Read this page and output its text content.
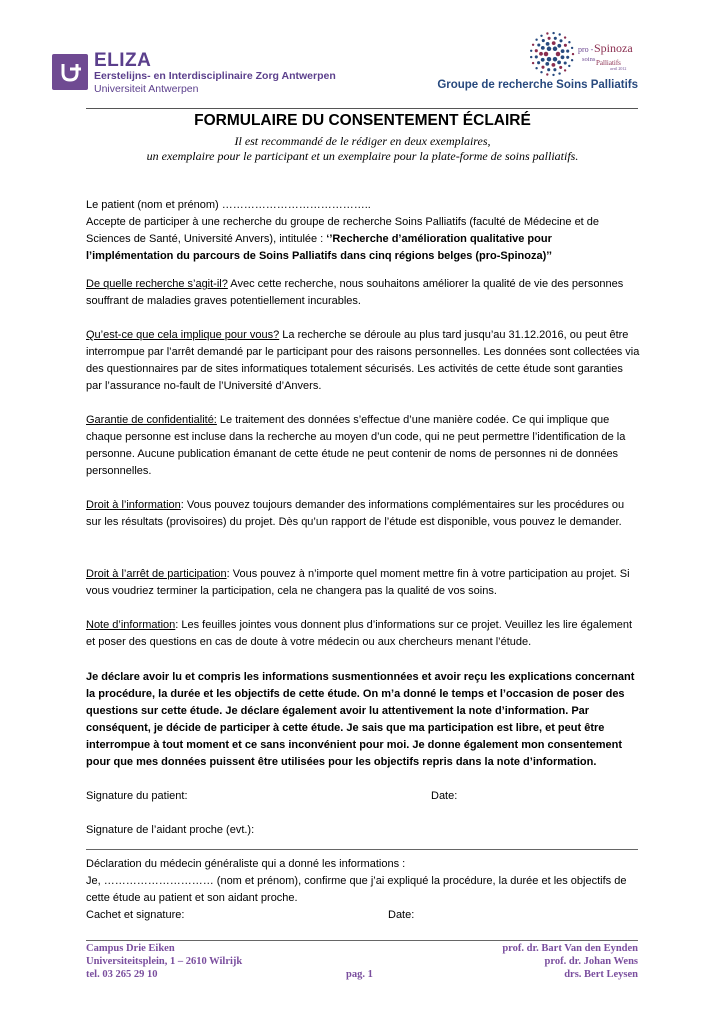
ELIZA
Eerstelijns- en Interdisciplinaire Zorg Antwerpen
Universiteit Antwerpen
pro - Spinoza
soins Palliatifs
avril 2012
Groupe de recherche Soins Palliatifs
FORMULAIRE DU CONSENTEMENT ÉCLAIRÉ
Il est recommandé de le rédiger en deux exemplaires,
un exemplaire pour le participant et un exemplaire pour la plate-forme de soins palliatifs.

Le patient (nom et prénom) …………………………………..

Accepte de participer à une recherche du groupe de recherche Soins Palliatifs (faculté de Médecine et de Sciences de Santé, Université Anvers), intitulée : ‘’Recherche d’amélioration qualitative pour l’implémentation du parcours de Soins Palliatifs dans cinq régions belges (pro-Spinoza)’’

De quelle recherche s’agit-il? Avec cette recherche, nous souhaitons améliorer la qualité de vie des personnes souffrant de maladies graves potentiellement incurables.

Qu’est-ce que cela implique pour vous? La recherche se déroule au plus tard jusqu’au 31.12.2016, ou peut être interrompue par l’arrêt demandé par le participant pour des raisons personnelles. Les données sont collectées via des questionnaires par de sites informatiques totalement sécurisés. Les activités de cette étude sont garanties par l’assurance no-fault de l’Université d’Anvers.

Garantie de confidentialité: Le traitement des données s’effectue d’une manière codée. Ce qui implique que chaque personne est incluse dans la recherche au moyen d’un code, qui ne peut permettre l’identification de la personne. Aucune publication émanant de cette étude ne peut contenir de noms de personnes ni de données personnelles.

Droit à l’information: Vous pouvez toujours demander des informations complémentaires sur les procédures ou sur les résultats (provisoires) du projet. Dès qu’un rapport de l’étude est disponible, vous pouvez le demander.

Droit à l’arrêt de participation: Vous pouvez à n’importe quel moment mettre fin à votre participation au projet. Si vous voudriez terminer la participation, cela ne changera pas la qualité de vos soins.

Note d’information: Les feuilles jointes vous donnent plus d’informations sur ce projet. Veuillez les lire également et poser des questions en cas de doute à votre médecin ou aux chercheurs menant l’étude.

Je déclare avoir lu et compris les informations susmentionnées et avoir reçu les explications concernant la procédure, la durée et les objectifs de cette étude. On m’a donné le temps et l’occasion de poser des questions sur cette étude. Je déclare également avoir lu attentivement la note d’information. Par conséquent, je décide de participer à cette étude. Je sais que ma participation est libre, et peut être interrompue à tout moment et ce sans inconvénient pour moi. Je donne également mon consentement pour que mes données puissent être utilisées pour les objectifs repris dans la note d’information.
Signature du patient:	Date:
Signature de l’aidant proche (evt.):
Déclaration du médecin généraliste qui a donné les informations :
Je, ………………………… (nom et prénom), confirme que j’ai expliqué la procédure, la durée et les objectifs de cette étude au patient et son aidant proche.
Cachet et signature:	Date:
Campus Drie Eiken
Universiteitsplein, 1 – 2610 Wilrijk
tel. 03 265 29 10	pag. 1
prof. dr. Bart Van den Eynden
prof. dr. Johan Wens
drs. Bert Leysen
